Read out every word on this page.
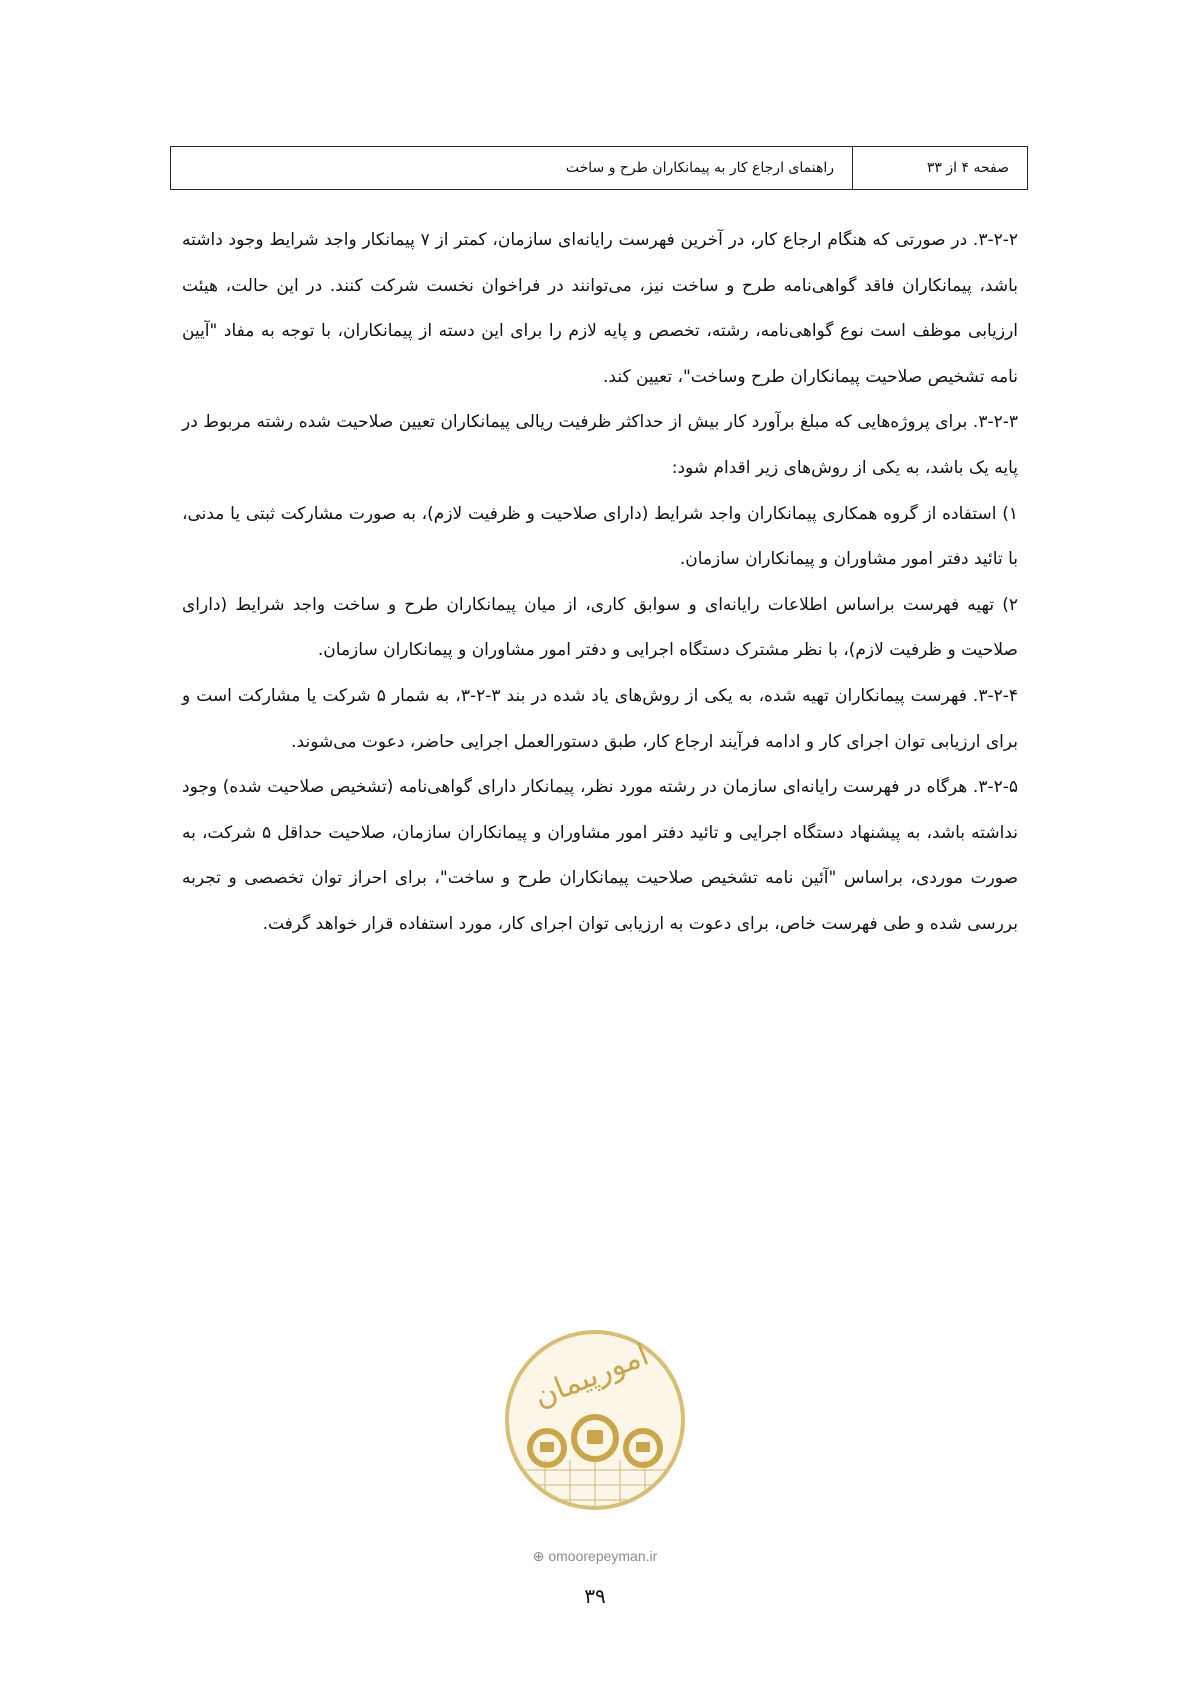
صفحه ۴ از ۳۳
راهنمای ارجاع کار به پیمانکاران طرح و ساخت

۳-۲-۲. در صورتی که هنگام ارجاع کار، در آخرین فهرست رایانه‌ای سازمان، کمتر از ۷ پیمانکار واجد شرایط وجود داشته باشد، پیمانکاران فاقد گواهی‌نامه طرح و ساخت نیز، می‌توانند در فراخوان نخست شرکت کنند. در این حالت، هیئت ارزیابی موظف است نوع گواهی‌نامه، رشته، تخصص و پایه لازم را برای این دسته از پیمانکاران، با توجه به مفاد "آیین نامه تشخیص صلاحیت پیمانکاران طرح وساخت"، تعیین کند.

۳-۲-۳. برای پروژه‌هایی که مبلغ برآورد کار بیش از حداکثر ظرفیت ریالی پیمانکاران تعیین صلاحیت شده رشته مربوط در پایه یک باشد، به یکی از روش‌های زیر اقدام شود:

۱) استفاده از گروه همکاری پیمانکاران واجد شرایط (دارای صلاحیت و ظرفیت لازم)، به صورت مشارکت ثبتی یا مدنی، با تائید دفتر امور مشاوران و پیمانکاران سازمان.

۲) تهیه فهرست براساس اطلاعات رایانه‌ای و سوابق کاری، از میان پیمانکاران طرح و ساخت واجد شرایط (دارای صلاحیت و ظرفیت لازم)، با نظر مشترک دستگاه اجرایی و دفتر امور مشاوران و پیمانکاران سازمان.

۳-۲-۴. فهرست پیمانکاران تهیه شده، به یکی از روش‌های یاد شده در بند ۳-۲-۳، به شمار ۵ شرکت یا مشارکت است و برای ارزیابی توان اجرای کار و ادامه فرآیند ارجاع کار، طبق دستورالعمل اجرایی حاضر، دعوت می‌شوند.

۳-۲-۵. هرگاه در فهرست رایانه‌ای سازمان در رشته مورد نظر، پیمانکار دارای گواهی‌نامه (تشخیص صلاحیت شده) وجود نداشته باشد، به پیشنهاد دستگاه اجرایی و تائید دفتر امور مشاوران و پیمانکاران سازمان، صلاحیت حداقل ۵ شرکت، به صورت موردی، براساس "آئین نامه تشخیص صلاحیت پیمانکاران طرح و ساخت"، برای احراز توان تخصصی و تجربه بررسی شده و طی فهرست خاص، برای دعوت به ارزیابی توان اجرای کار، مورد استفاده قرار خواهد گرفت.

امورپیمان
⊕ omoorepeyman.ir
۳۹
